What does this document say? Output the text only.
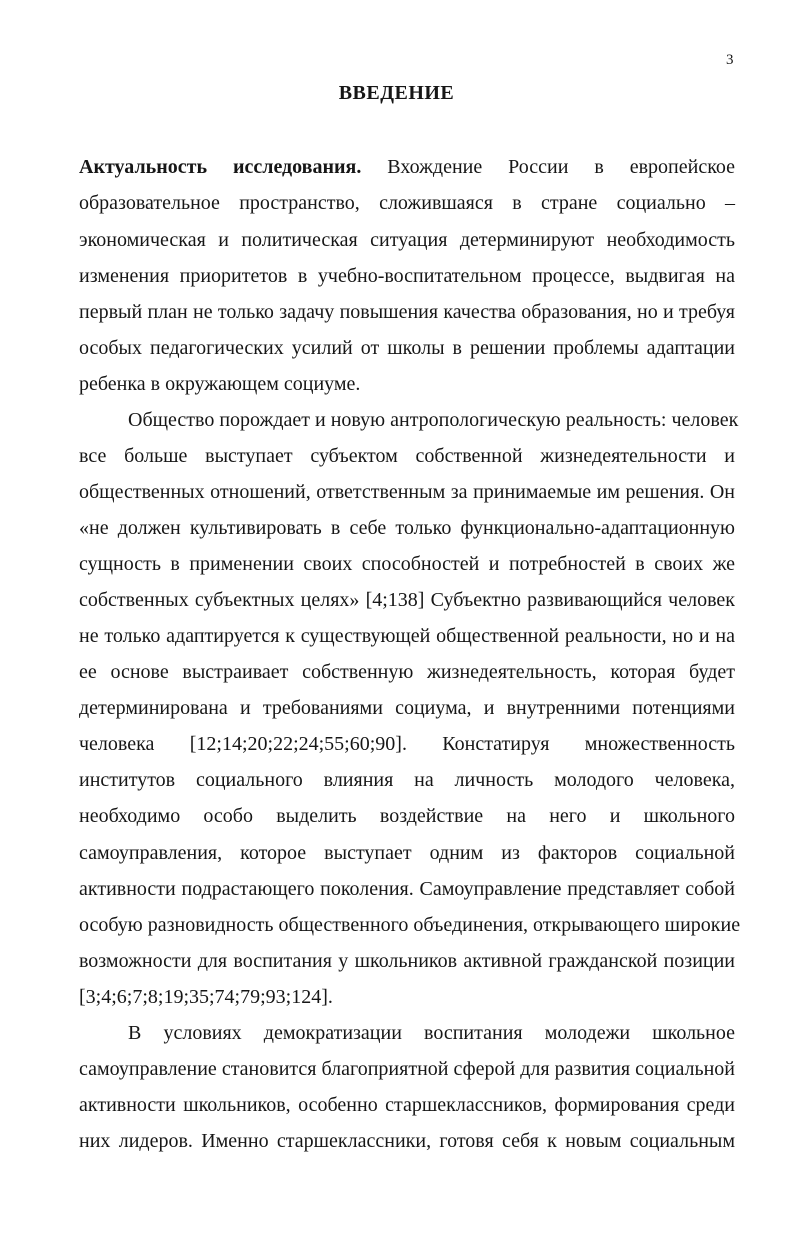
3
ВВЕДЕНИЕ
Актуальность исследования. Вхождение России в европейское
образовательное пространство, сложившаяся в стране социально –
экономическая и политическая ситуация детерминируют необходимость
изменения приоритетов в учебно-воспитательном процессе, выдвигая на
первый план не только задачу повышения качества образования, но и требуя
особых педагогических усилий от школы в решении проблемы адаптации
ребенка в окружающем социуме.
Общество порождает и новую антропологическую реальность: человек
все больше выступает субъектом собственной жизнедеятельности и
общественных отношений, ответственным за принимаемые им решения. Он
«не должен культивировать в себе только функционально-адаптационную
сущность в применении своих способностей и потребностей в своих же
собственных субъектных целях» [4;138] Субъектно развивающийся человек
не только адаптируется к существующей общественной реальности, но и на
ее основе выстраивает собственную жизнедеятельность, которая будет
детерминирована и требованиями социума, и внутренними потенциями
человека [12;14;20;22;24;55;60;90]. Констатируя множественность
институтов социального влияния на личность молодого человека,
необходимо особо выделить воздействие на него и школьного
самоуправления, которое выступает одним из факторов социальной
активности подрастающего поколения. Самоуправление представляет собой
особую разновидность общественного объединения, открывающего широкие
возможности для воспитания у школьников активной гражданской позиции
[3;4;6;7;8;19;35;74;79;93;124].
В условиях демократизации воспитания молодежи школьное
самоуправление становится благоприятной сферой для развития социальной
активности школьников, особенно старшеклассников, формирования среди
них лидеров. Именно старшеклассники, готовя себя к новым социальным
